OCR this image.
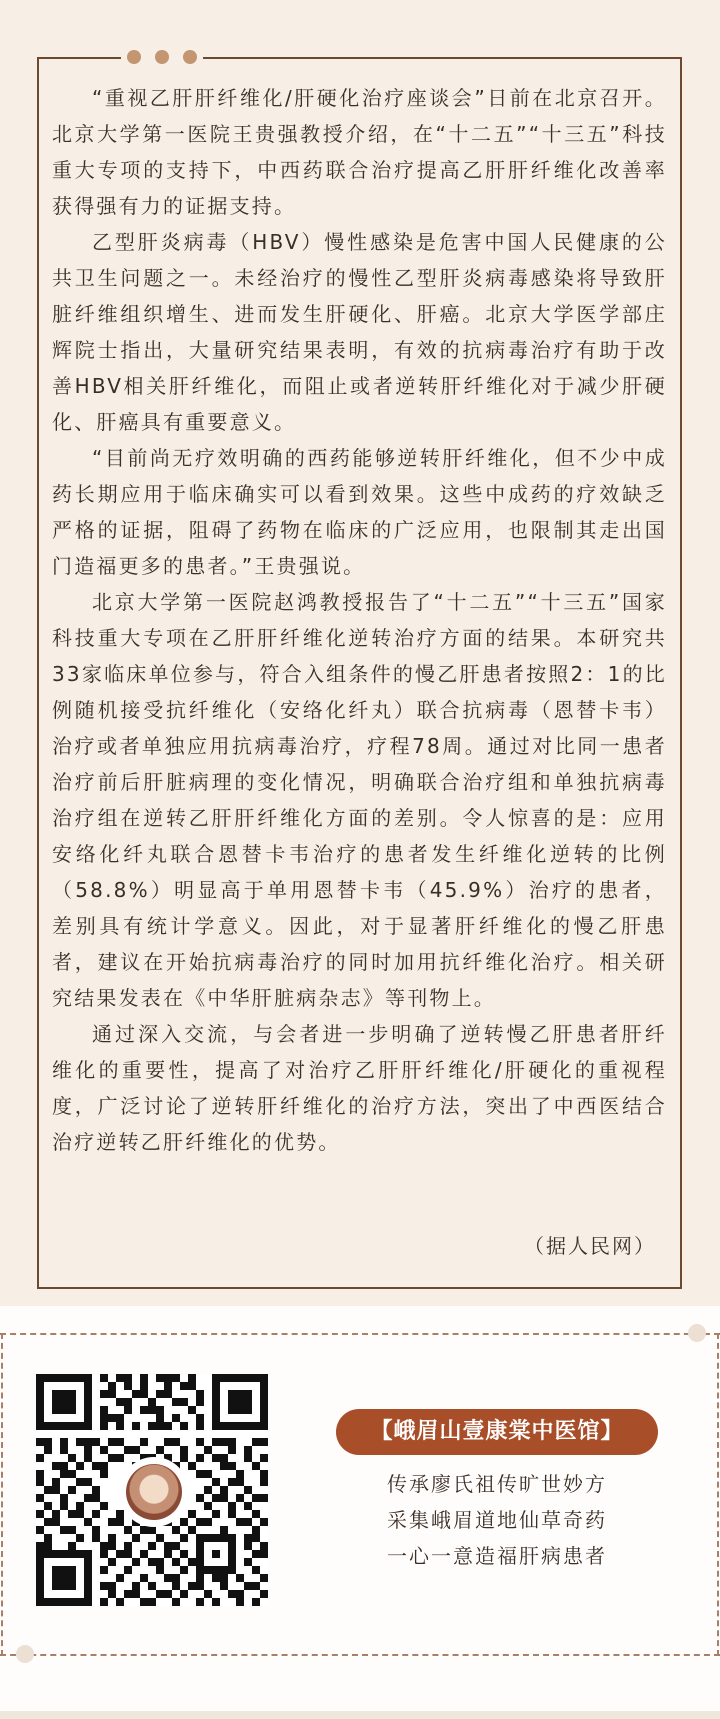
“重视乙肝肝纤维化/肝硬化治疗座谈会”日前在北京召开。北京大学第一医院王贵强教授介绍，在“十二五”“十三五”科技重大专项的支持下，中西药联合治疗提高乙肝肝纤维化改善率获得强有力的证据支持。

乙型肝炎病毒（HBV）慢性感染是危害中国人民健康的公共卫生问题之一。未经治疗的慢性乙型肝炎病毒感染将导致肝脏纤维组织增生、进而发生肝硬化、肝癌。北京大学医学部庄辉院士指出，大量研究结果表明，有效的抗病毒治疗有助于改善HBV相关肝纤维化，而阻止或者逆转肝纤维化对于减少肝硬化、肝癌具有重要意义。

“目前尚无疗效明确的西药能够逆转肝纤维化，但不少中成药长期应用于临床确实可以看到效果。这些中成药的疗效缺乏严格的证据，阻碍了药物在临床的广泛应用，也限制其走出国门造福更多的患者。”王贵强说。

北京大学第一医院赵鸿教授报告了“十二五”“十三五”国家科技重大专项在乙肝肝纤维化逆转治疗方面的结果。本研究共33家临床单位参与，符合入组条件的慢乙肝患者按照2：1的比例随机接受抗纤维化（安络化纤丸）联合抗病毒（恩替卡韦）治疗或者单独应用抗病毒治疗，疗程78周。通过对比同一患者治疗前后肝脏病理的变化情况，明确联合治疗组和单独抗病毒治疗组在逆转乙肝肝纤维化方面的差别。令人惊喜的是：应用安络化纤丸联合恩替卡韦治疗的患者发生纤维化逆转的比例（58.8%）明显高于单用恩替卡韦（45.9%）治疗的患者，差别具有统计学意义。因此，对于显著肝纤维化的慢乙肝患者，建议在开始抗病毒治疗的同时加用抗纤维化治疗。相关研究结果发表在《中华肝脏病杂志》等刊物上。

通过深入交流，与会者进一步明确了逆转慢乙肝患者肝纤维化的重要性，提高了对治疗乙肝肝纤维化/肝硬化的重视程度，广泛讨论了逆转肝纤维化的治疗方法，突出了中西医结合治疗逆转乙肝纤维化的优势。

（据人民网）
【峨眉山壹康棠中医馆】
传承廖氏祖传旷世妙方
采集峨眉道地仙草奇药
一心一意造福肝病患者
